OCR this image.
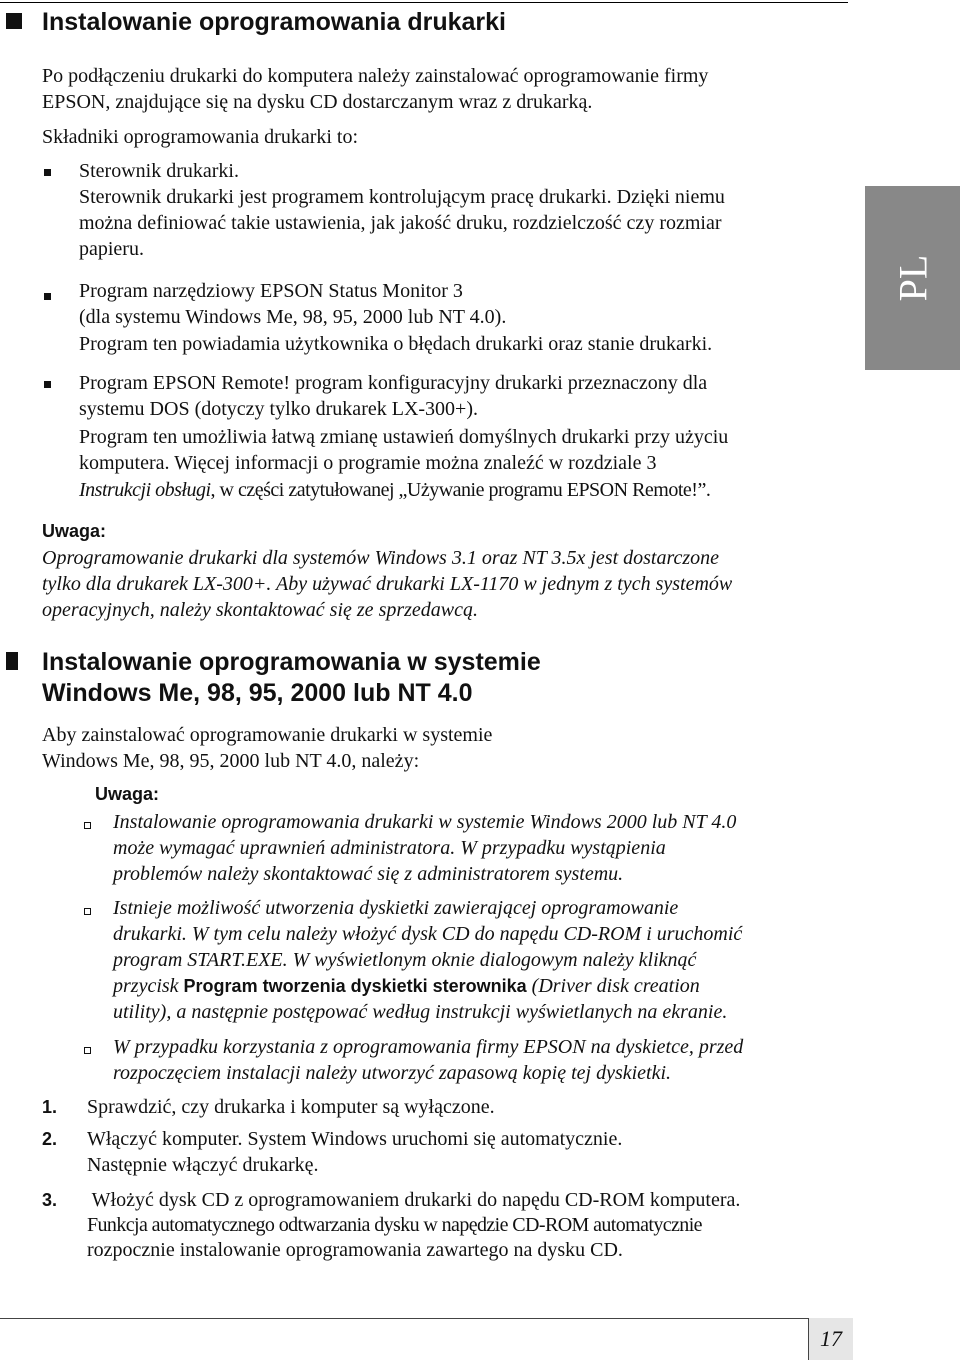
Instalowanie oprogramowania drukarki
Po podłączeniu drukarki do komputera należy zainstalować oprogramowanie firmy
EPSON, znajdujące się na dysku CD dostarczanym wraz z drukarką.
Składniki oprogramowania drukarki to:
Sterownik drukarki.
Sterownik drukarki jest programem kontrolującym pracę drukarki. Dzięki niemu
można definiować takie ustawienia, jak jakość druku, rozdzielczość czy rozmiar
papieru.
Program narzędziowy EPSON Status Monitor 3
(dla systemu Windows Me, 98, 95, 2000 lub NT 4.0).
Program ten powiadamia użytkownika o błędach drukarki oraz stanie drukarki.
Program EPSON Remote! program konfiguracyjny drukarki przeznaczony dla
systemu DOS (dotyczy tylko drukarek LX-300+).
Program ten umożliwia łatwą zmianę ustawień domyślnych drukarki przy użyciu
komputera. Więcej informacji o programie można znaleźć w rozdziale 3
Instrukcji obsługi, w części zatytułowanej „Używanie programu EPSON Remote!”.
Uwaga:
Oprogramowanie drukarki dla systemów Windows 3.1 oraz NT 3.5x jest dostarczone
tylko dla drukarek LX-300+. Aby używać drukarki LX-1170 w jednym z tych systemów
operacyjnych, należy skontaktować się ze sprzedawcą.
Instalowanie oprogramowania w systemie
Windows Me, 98, 95, 2000 lub NT 4.0
Aby zainstalować oprogramowanie drukarki w systemie
Windows Me, 98, 95, 2000 lub NT 4.0, należy:
Uwaga:
Instalowanie oprogramowania drukarki w systemie Windows 2000 lub NT 4.0
może wymagać uprawnień administratora. W przypadku wystąpienia
problemów należy skontaktować się z administratorem systemu.
Istnieje możliwość utworzenia dyskietki zawierającej oprogramowanie
drukarki. W tym celu należy włożyć dysk CD do napędu CD-ROM i uruchomić
program START.EXE. W wyświetlonym oknie dialogowym należy kliknąć
przycisk Program tworzenia dyskietki sterownika (Driver disk creation
utility), a następnie postępować według instrukcji wyświetlanych na ekranie.
W przypadku korzystania z oprogramowania firmy EPSON na dyskietce, przed
rozpoczęciem instalacji należy utworzyć zapasową kopię tej dyskietki.
1. Sprawdzić, czy drukarka i komputer są wyłączone.
2. Włączyć komputer. System Windows uruchomi się automatycznie.
Następnie włączyć drukarkę.
3. Włożyć dysk CD z oprogramowaniem drukarki do napędu CD-ROM komputera.
Funkcja automatycznego odtwarzania dysku w napędzie CD-ROM automatycznie
rozpocznie instalowanie oprogramowania zawartego na dysku CD.
PL
17
